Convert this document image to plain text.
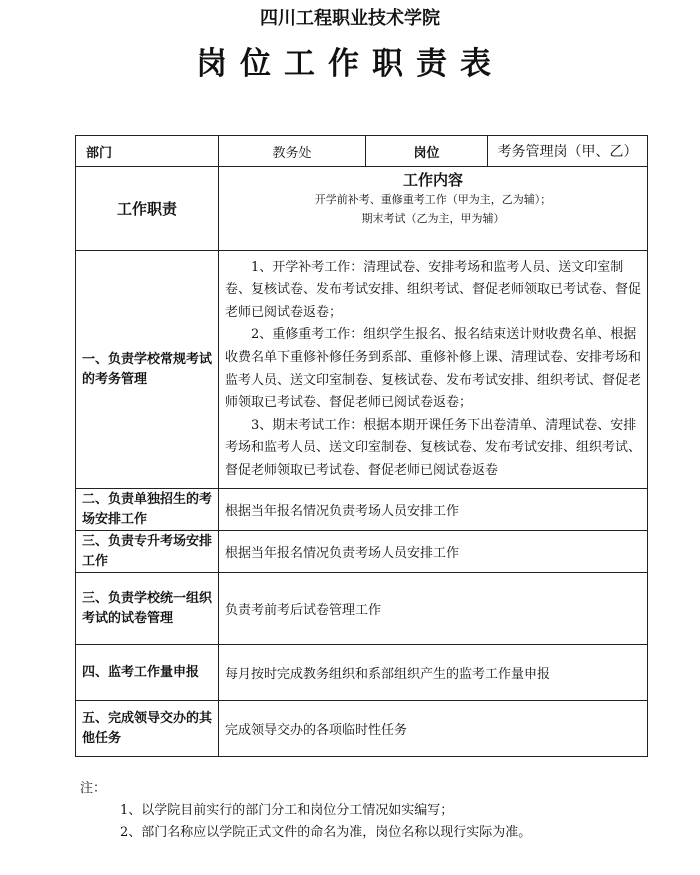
四川工程职业技术学院
岗位工作职责表
部门	教务处	岗位	考务管理岗（甲、乙）
工作职责	工作内容
开学前补考、重修重考工作（甲为主，乙为辅）；
期末考试（乙为主，甲为辅）		

一、负责学校常规考试的考务管理	1、开学补考工作：清理试卷、安排考场和监考人员、送文印室制卷、复核试卷、发布考试安排、组织考试、督促老师领取已考试卷、督促老师已阅试卷返卷；

2、重修重考工作：组织学生报名、报名结束送计财收费名单、根据收费名单下重修补修任务到系部、重修补修上课、清理试卷、安排考场和监考人员、送文印室制卷、复核试卷、发布考试安排、组织考试、督促老师领取已考试卷、督促老师已阅试卷返卷；

3、期末考试工作：根据本期开课任务下出卷清单、清理试卷、安排考场和监考人员、送文印室制卷、复核试卷、发布考试安排、组织考试、督促老师领取已考试卷、督促老师已阅试卷返卷		

二、负责单独招生的考场安排工作	根据当年报名情况负责考场人员安排工作		
三、负责专升考场安排工作	根据当年报名情况负责考场人员安排工作		
三、负责学校统一组织考试的试卷管理	负责考前考后试卷管理工作		
四、监考工作量申报	每月按时完成教务组织和系部组织产生的监考工作量申报		
五、完成领导交办的其他任务	完成领导交办的各项临时性任务		
注：
1、以学院目前实行的部门分工和岗位分工情况如实编写；
2、部门名称应以学院正式文件的命名为准，岗位名称以现行实际为准。
